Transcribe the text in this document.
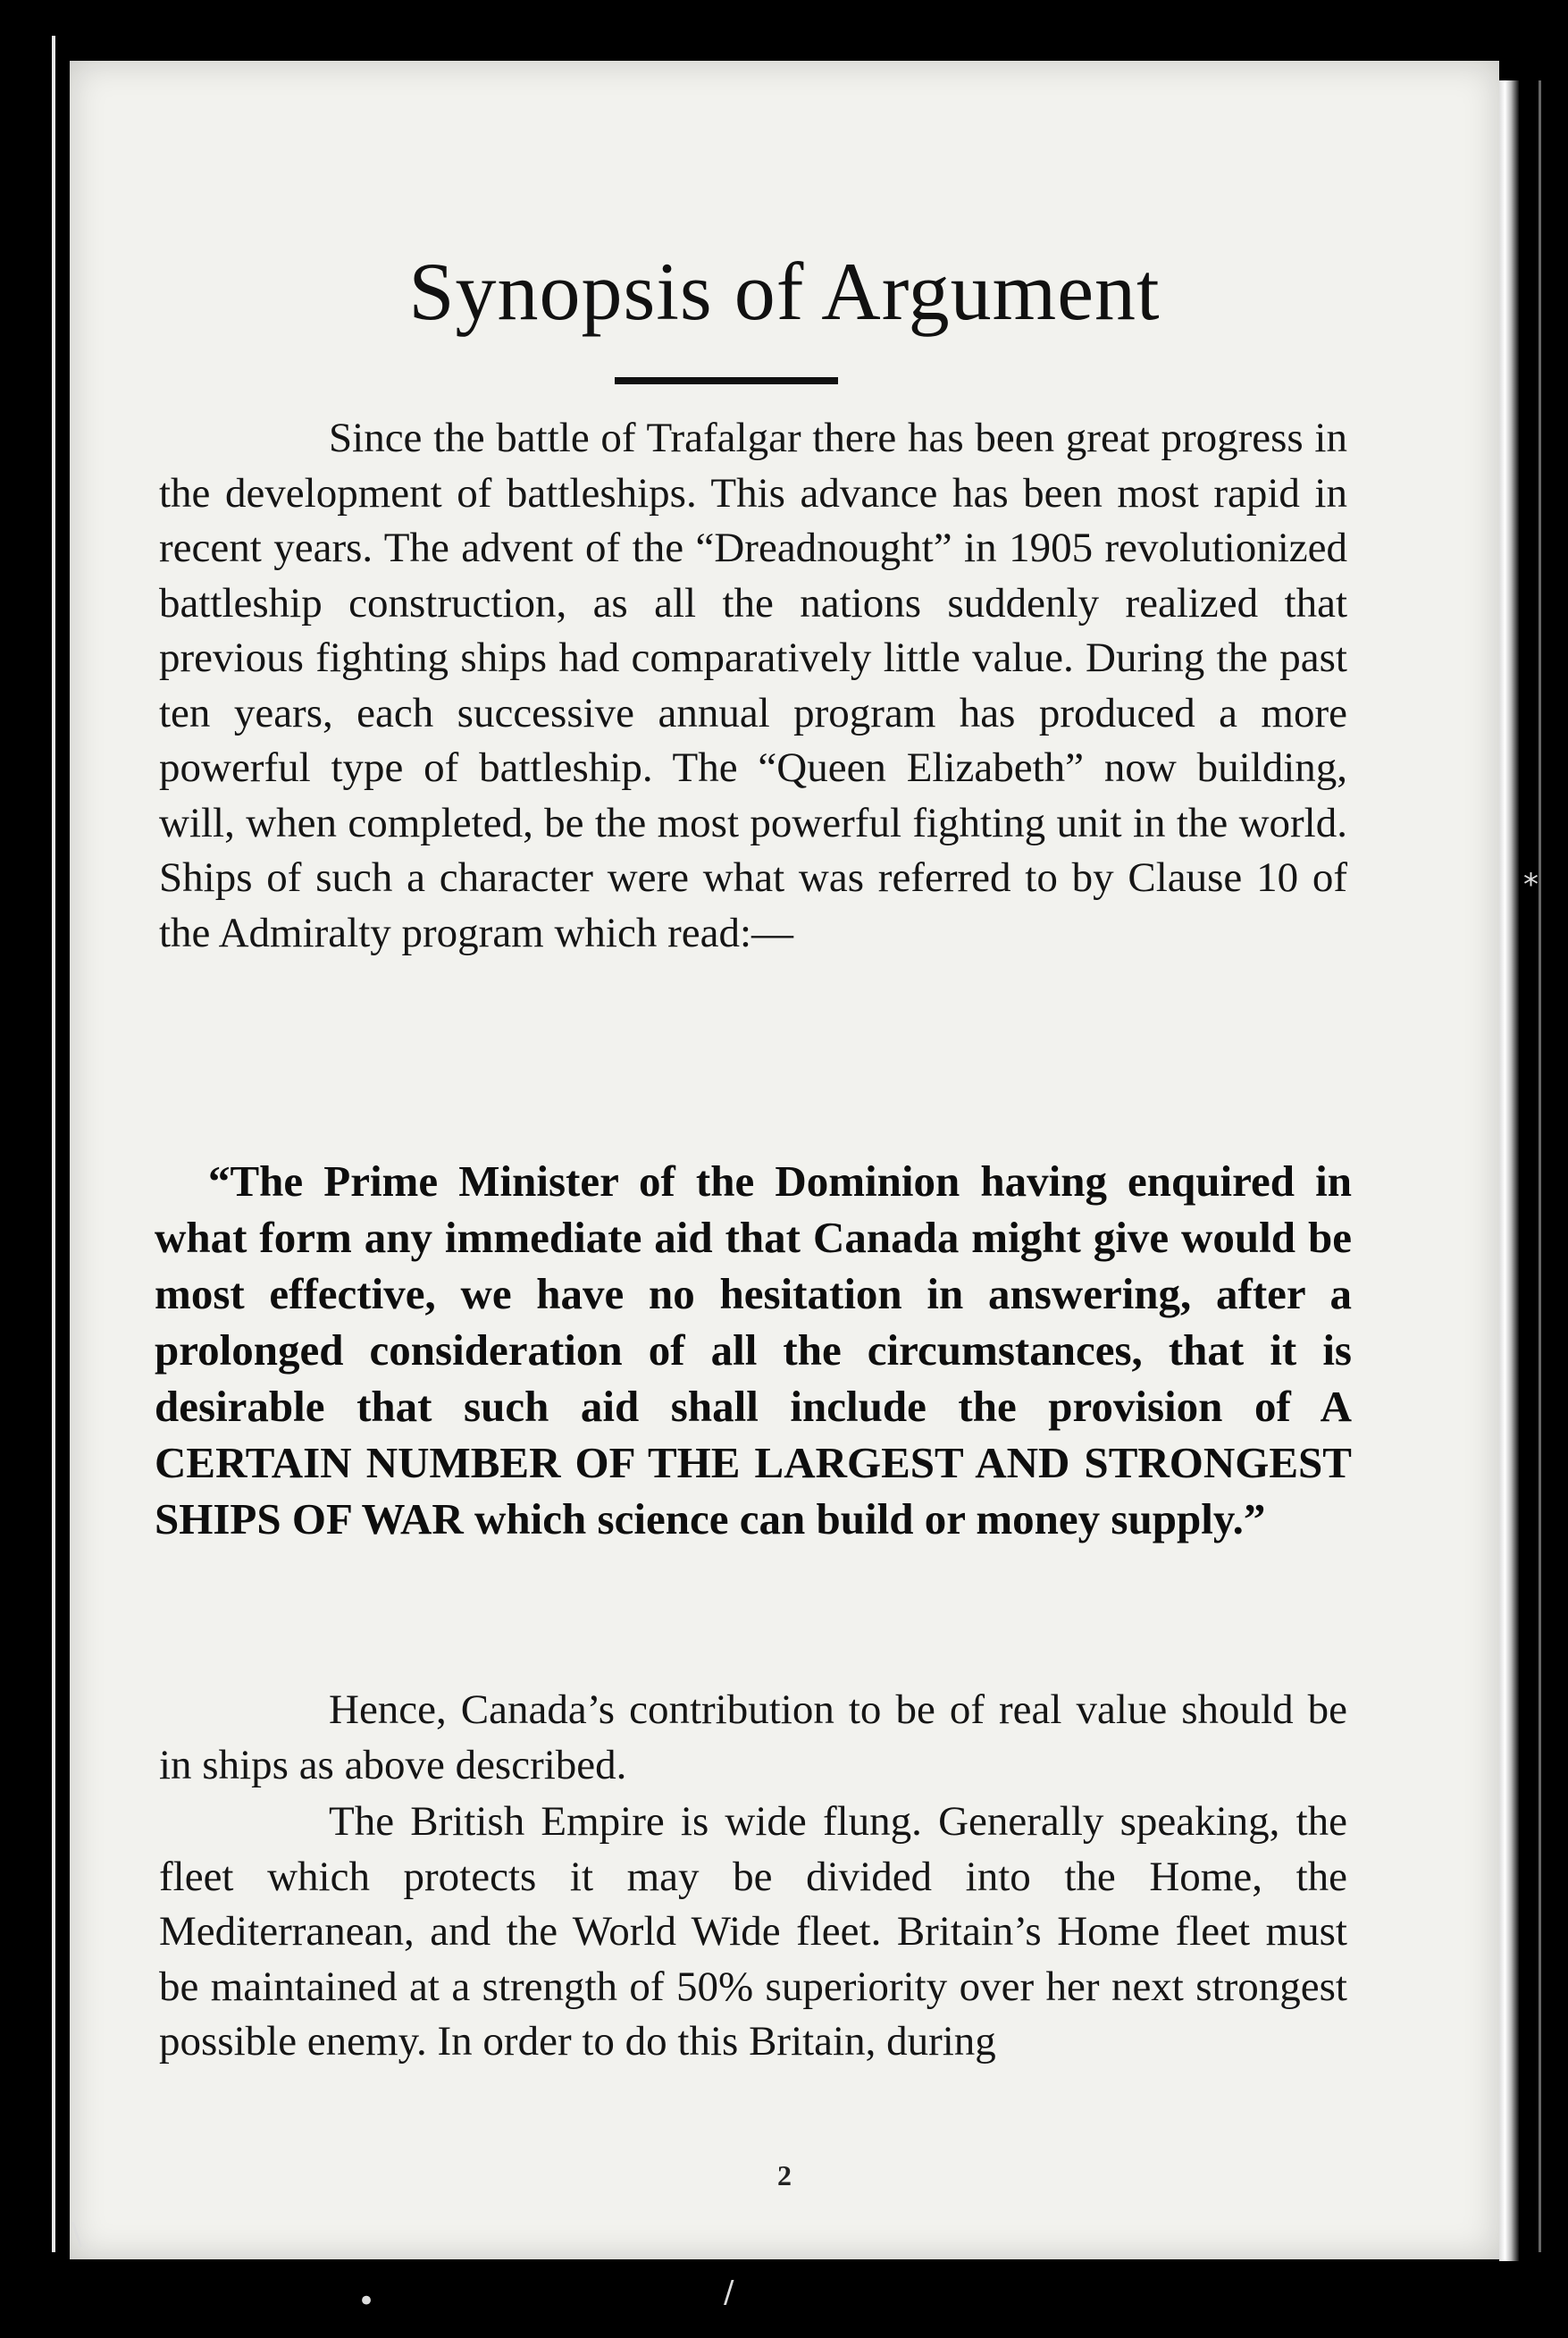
Synopsis of Argument

Since the battle of Trafalgar there has been great progress in the development of battleships. This advance has been most rapid in recent years. The advent of the “Dreadnought” in 1905 revolutionized battleship construction, as all the nations suddenly realized that previous fighting ships had comparatively little value. During the past ten years, each successive annual program has produced a more powerful type of battleship. The “Queen Elizabeth” now building, will, when completed, be the most powerful fighting unit in the world. Ships of such a character were what was referred to by Clause 10 of the Admiralty program which read:—

“The Prime Minister of the Dominion having enquired in what form any immediate aid that Canada might give would be most effective, we have no hesitation in answering, after a prolonged consideration of all the circumstances, that it is desirable that such aid shall include the provision of A CERTAIN NUMBER OF THE LARGEST AND STRONGEST SHIPS OF WAR which science can build or money supply.”

Hence, Canada’s contribution to be of real value should be in ships as above described.

The British Empire is wide flung. Generally speaking, the fleet which protects it may be divided into the Home, the Mediterranean, and the World Wide fleet. Britain’s Home fleet must be maintained at a strength of 50% superiority over her next strongest possible enemy. In order to do this Britain, during

2
*
\
•	/
